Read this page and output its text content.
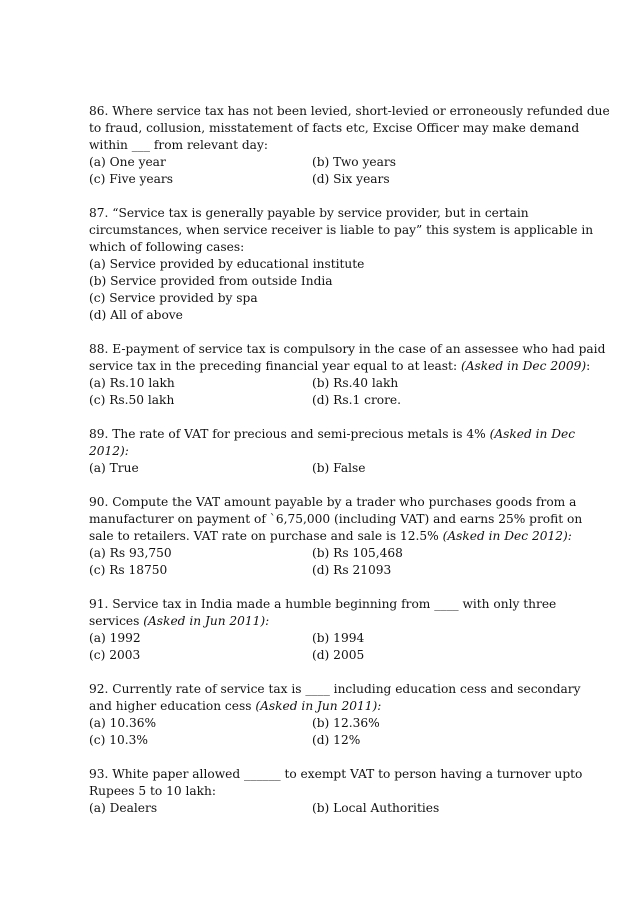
86. Where service tax has not been levied, short-levied or erroneously refunded due
to fraud, collusion, misstatement of facts etc, Excise Officer may make demand
within ___ from relevant day:
(a) One year	(b) Two years
(c) Five years	(d) Six years
87. “Service tax is generally payable by service provider, but in certain
circumstances, when service receiver is liable to pay” this system is applicable in
which of following cases:
(a) Service provided by educational institute
(b) Service provided from outside India
(c) Service provided by spa
(d) All of above
88. E-payment of service tax is compulsory in the case of an assessee who had paid
service tax in the preceding financial year equal to at least: (Asked in Dec 2009):
(a) Rs.10 lakh	(b) Rs.40 lakh
(c) Rs.50 lakh	(d) Rs.1 crore.
89. The rate of VAT for precious and semi-precious metals is 4% (Asked in Dec
2012):
(a) True	(b) False
90. Compute the VAT amount payable by a trader who purchases goods from a
manufacturer on payment of `6,75,000 (including VAT) and earns 25% profit on
sale to retailers. VAT rate on purchase and sale is 12.5% (Asked in Dec 2012):
(a) Rs 93,750	(b) Rs 105,468
(c) Rs 18750	(d) Rs 21093
91. Service tax in India made a humble beginning from ____ with only three
services (Asked in Jun 2011):
(a) 1992	(b) 1994
(c) 2003	(d) 2005
92. Currently rate of service tax is ____ including education cess and secondary
and higher education cess (Asked in Jun 2011):
(a) 10.36%	(b) 12.36%
(c) 10.3%	(d) 12%
93. White paper allowed ______ to exempt VAT to person having a turnover upto
Rupees 5 to 10 lakh:
(a) Dealers	(b) Local Authorities
